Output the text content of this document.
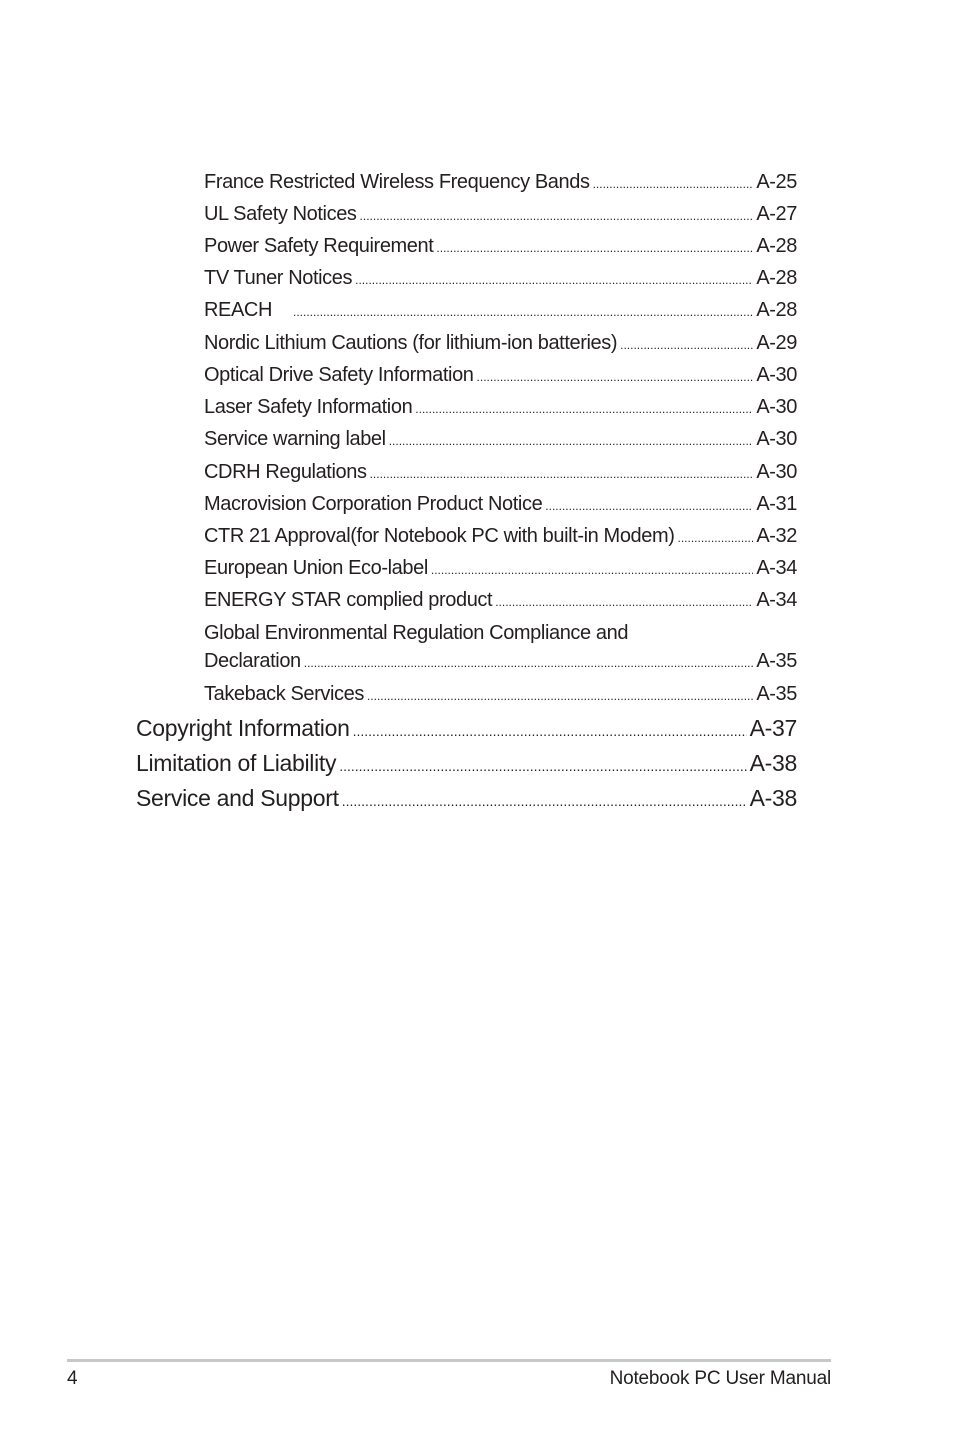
France Restricted Wireless Frequency Bands .....	A-25
UL Safety Notices .....	A-27
Power Safety Requirement .....	A-28
TV Tuner Notices .....	A-28
REACH .....	A-28
Nordic Lithium Cautions (for lithium-ion batteries) .....	A-29
Optical Drive Safety Information .....	A-30
Laser Safety Information .....	A-30
Service warning label .....	A-30
CDRH Regulations .....	A-30
Macrovision Corporation Product Notice .....	A-31
CTR 21 Approval(for Notebook PC with built-in Modem) .....	A-32
European Union Eco-label .....	A-34
ENERGY STAR complied product .....	A-34
Global Environmental Regulation Compliance and
Declaration .....	A-35
Takeback Services .....	A-35
Copyright Information .....	A-37
Limitation of Liability .....	A-38
Service and Support .....	A-38
4	Notebook PC User Manual
